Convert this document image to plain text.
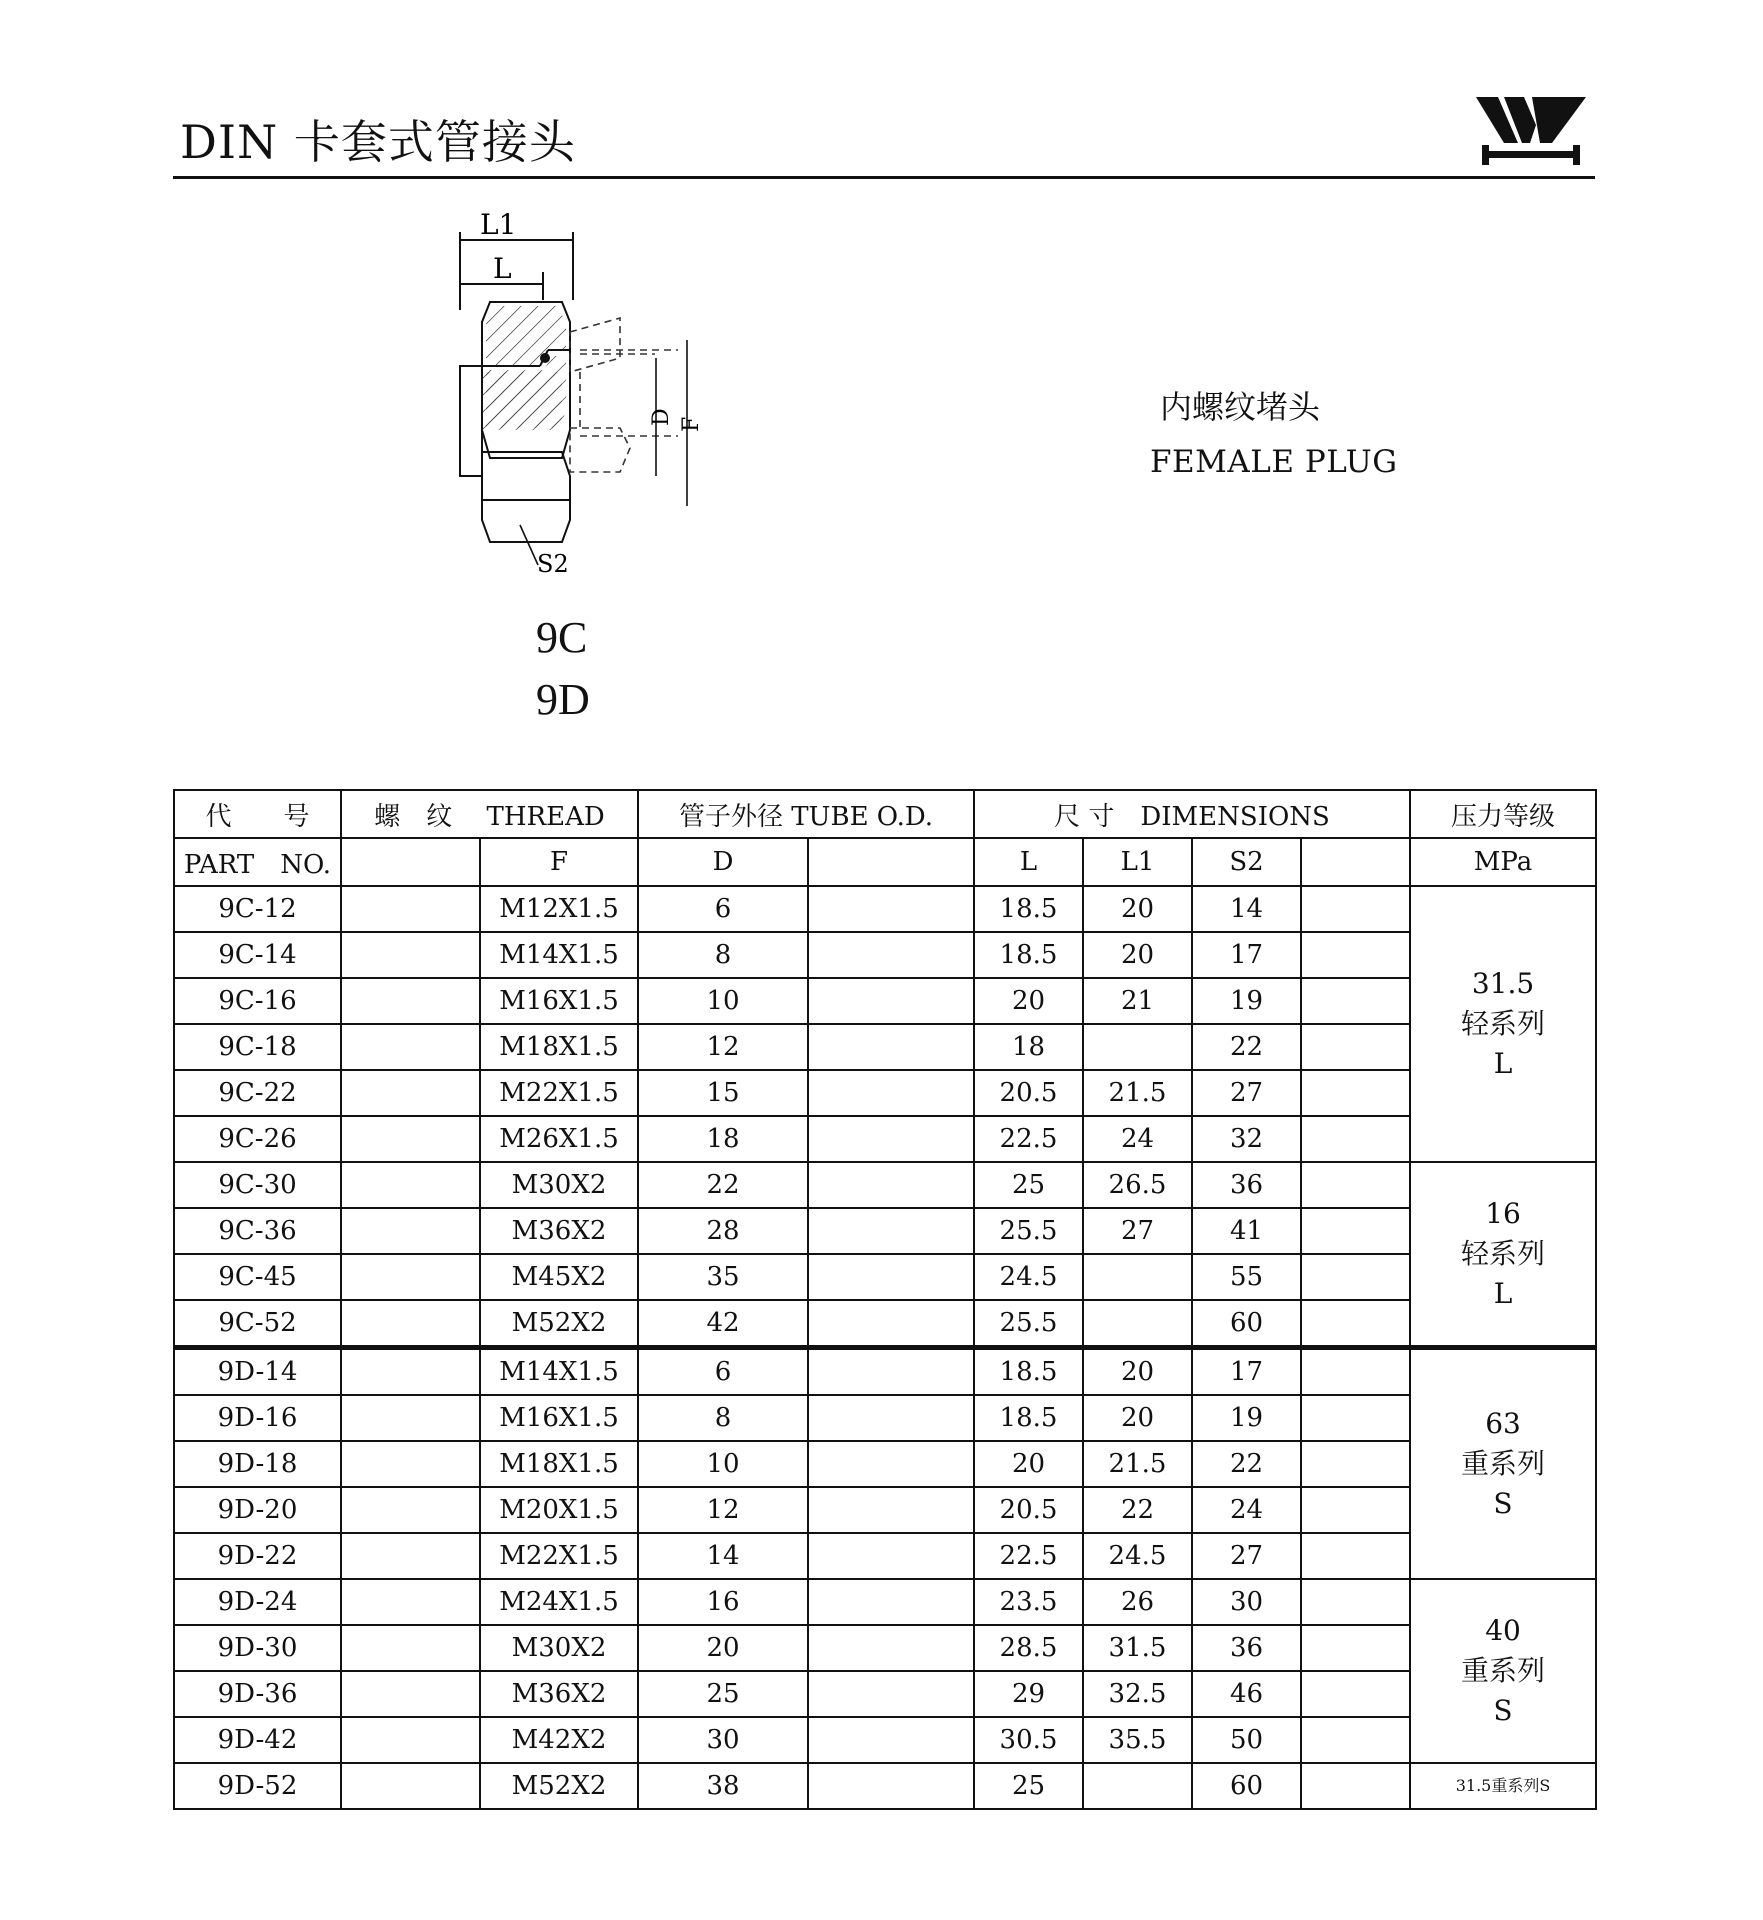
DIN 卡套式管接头
L1
L
D F
S2
9C
9D
内螺纹堵头
FEMALE PLUG
代　　号	螺　纹　 THREAD		管子外径 TUBE O.D.		尺 寸　DIMENSIONS				压力等级
PART　NO.		F	D		L	L1	S2		MPa
9C-12		M12X1.5	6		18.5	20	14		31.5
轻系列
L

9C-14		M14X1.5	8		18.5	20	17		
9C-16		M16X1.5	10		20	21	19		
9C-18		M18X1.5	12		18		22		
9C-22		M22X1.5	15		20.5	21.5	27		
9C-26		M26X1.5	18		22.5	24	32		
9C-30		M30X2	22		25	26.5	36		16
轻系列
L

9C-36		M36X2	28		25.5	27	41		
9C-45		M45X2	35		24.5		55		
9C-52		M52X2	42		25.5		60		
9D-14		M14X1.5	6		18.5	20	17		63
重系列
S

9D-16		M16X1.5	8		18.5	20	19		
9D-18		M18X1.5	10		20	21.5	22		
9D-20		M20X1.5	12		20.5	22	24		
9D-22		M22X1.5	14		22.5	24.5	27		
9D-24		M24X1.5	16		23.5	26	30		40
重系列
S

9D-30		M30X2	20		28.5	31.5	36		
9D-36		M36X2	25		29	32.5	46		
9D-42		M42X2	30		30.5	35.5	50		
9D-52		M52X2	38		25		60		31.5重系列S
